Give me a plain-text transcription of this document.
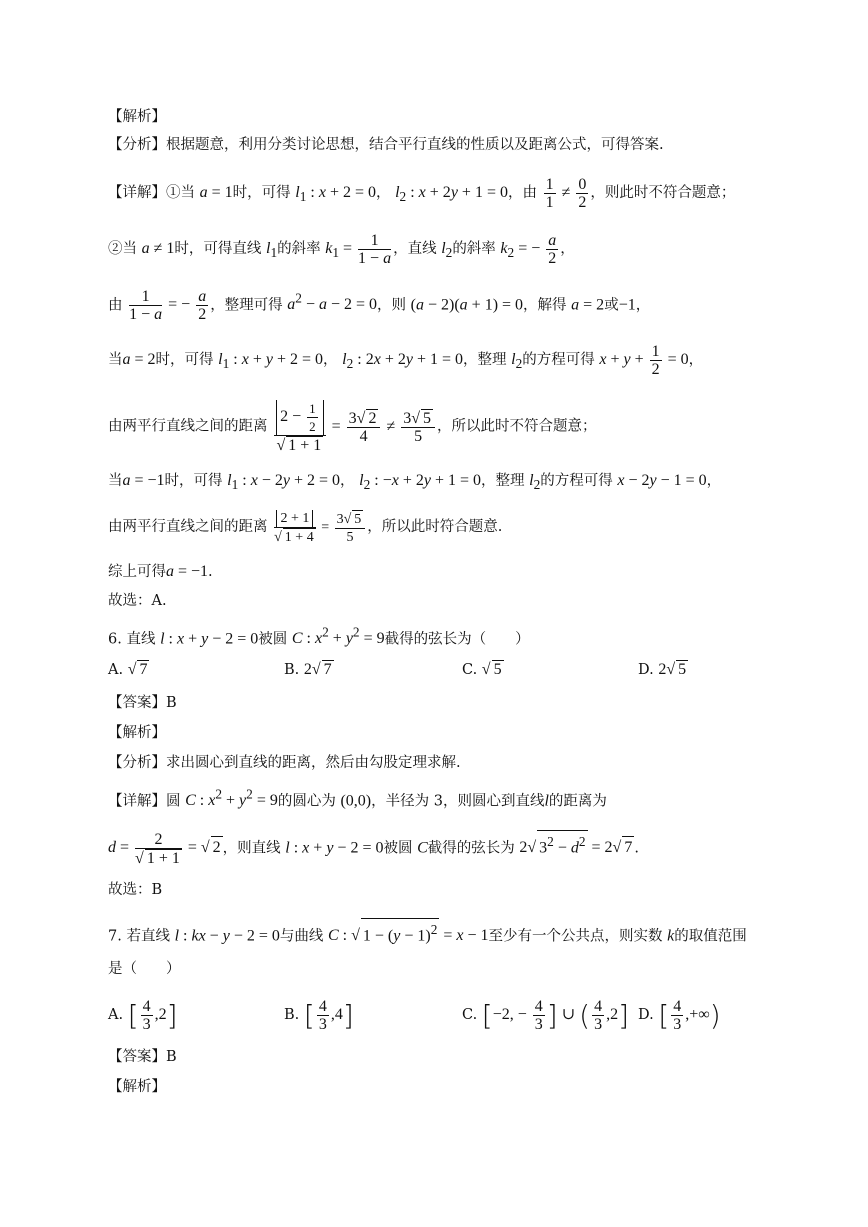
【解析】
【分析】根据题意，利用分类讨论思想，结合平行直线的性质以及距离公式，可得答案.
【详解】①当 a = 1时，可得 $l_1$ : x + 2 = 0， $l_2$ : x + 2y + 1 = 0，由 $\frac{1}{1} \ne \frac{0}{2}$ ，则此时不符合题意；
②当 a ≠ 1时，可得直线 $l_1$的斜率 $k_1 = \frac{1}{1 - a}$ ，直线 $l_2$的斜率 $k_2$ = − $\frac{a}{2}$ ，
由 $\frac{1}{1 - a}$ = − $\frac{a}{2}$ ，整理可得 $a^2 - a - 2 = 0$，则 (a − 2)(a + 1) = 0，解得 a = 2或−1，
当a = 2时，可得 $l_1$ : x + y + 2 = 0， $l_2$ : 2x + 2y + 1 = 0，整理 $l_2$的方程可得 $x + y + \frac{1}{2} = 0$，
由两平行直线之间的距离 $\frac{2 - \frac{1}{2}}{√ 1 + 1} = \frac{3√ 2}{4} \ne \frac{3√ 5}{5}$ ，所以此时不符合题意；
当a = −1时，可得 $l_1$ : x − 2y + 2 = 0， $l_2$ : −x + 2y + 1 = 0，整理 $l_2$的方程可得 x − 2y − 1 = 0，
由两平行直线之间的距离 $\frac{2 + 1}{√ 1 + 4} = \frac{3√ 5}{5}$ ，所以此时符合题意.
综上可得a = −1.
故选：A.
6. 直线 l : x + y − 2 = 0被圆 C : $x^2 + y^2 = 9$截得的弦长为（　　）
A. √ 7	B. 2√ 7	C. √ 5	D. 2√ 5
【答案】B
【解析】
【分析】求出圆心到直线的距离，然后由勾股定理求解.
【详解】圆 C : $x^2 + y^2 = 9$的圆心为 (0,0)，半径为 3，则圆心到直线l的距离为
$d = \frac{2}{√ 1 + 1}$ = √ 2 ，则直线 l : x + y − 2 = 0被圆 C截得的弦长为 2√ $3^2 - d^2 = 2√$ 7 .
故选：B
7. 若直线 l : kx − y − 2 = 0与曲线 C : √ $1 - (y - 1)^2 = x - 1$至少有一个公共点，则实数 k的取值范围
是（　　）
A. [ $\frac{4}{3} ,2$]	B. [ $\frac{4}{3} ,4$]	C. [−2, − $\frac{4}{3}$ ] ∪ ( $\frac{4}{3} ,2$] D. [ $\frac{4}{3}$ ,+∞)
【答案】B
【解析】
